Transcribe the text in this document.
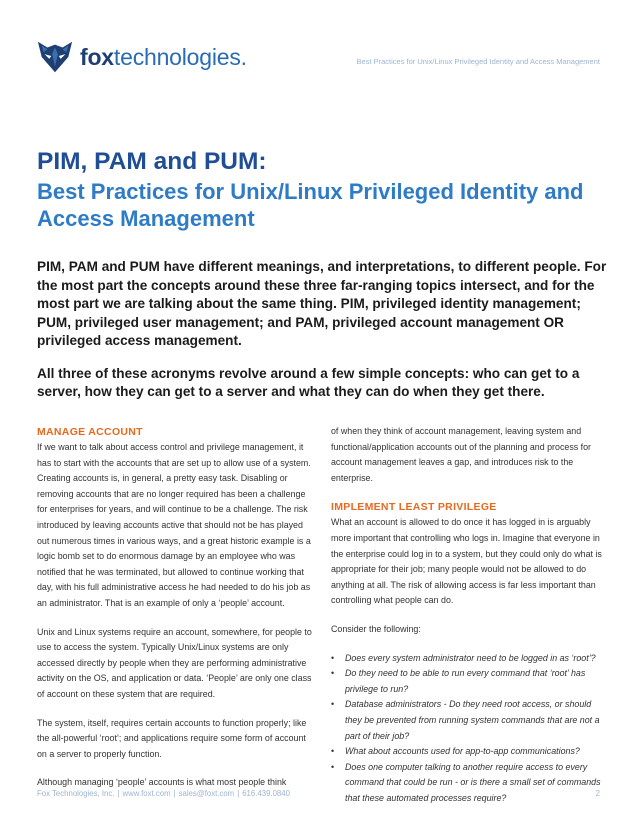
foxtechnologies.	Best Practices for Unix/Linux Privileged Identity and Access Management
PIM, PAM and PUM:
Best Practices for Unix/Linux Privileged Identity and Access Management

PIM, PAM and PUM have different meanings, and interpretations, to different people. For the most part the concepts around these three far-ranging topics intersect, and for the most part we are talking about the same thing. PIM, privileged identity management; PUM, privileged user management; and PAM, privileged account management OR privileged access management.

All three of these acronyms revolve around a few simple concepts: who can get to a server, how they can get to a server and what they can do when they get there.

MANAGE ACCOUNT

If we want to talk about access control and privilege management, it has to start with the accounts that are set up to allow use of a system. Creating accounts is, in general, a pretty easy task. Disabling or removing accounts that are no longer required has been a challenge for enterprises for years, and will continue to be a challenge. The risk introduced by leaving accounts active that should not be has played out numerous times in various ways, and a great historic example is a logic bomb set to do enormous damage by an employee who was notified that he was terminated, but allowed to continue working that day, with his full administrative access he had needed to do his job as an administrator. That is an example of only a ‘people’ account.

Unix and Linux systems require an account, somewhere, for people to use to access the system. Typically Unix/Linux systems are only accessed directly by people when they are performing administrative activity on the OS, and application or data. ‘People’ are only one class of account on these system that are required.

The system, itself, requires certain accounts to function properly; like the all-powerful ‘root’; and applications require some form of account on a server to properly function.

Although managing ‘people’ accounts is what most people think

of when they think of account management, leaving system and functional/application accounts out of the planning and process for account management leaves a gap, and introduces risk to the enterprise.

IMPLEMENT LEAST PRIVILEGE

What an account is allowed to do once it has logged in is arguably more important that controlling who logs in. Imagine that everyone in the enterprise could log in to a system, but they could only do what is appropriate for their job; many people would not be allowed to do anything at all. The risk of allowing access is far less important than controlling what people can do.

Consider the following:

• Does every system administrator need to be logged in as ‘root’?
• Do they need to be able to run every command that ‘root’ has privilege to run?
• Database administrators - Do they need root access, or should they be prevented from running system commands that are not a part of their job?
• What about accounts used for app-to-app communications?
• Does one computer talking to another require access to every command that could be run - or is there a small set of commands that these automated processes require?
Fox Technologies, Inc. | www.foxt.com | sales@foxt.com | 616.439.0840	2
